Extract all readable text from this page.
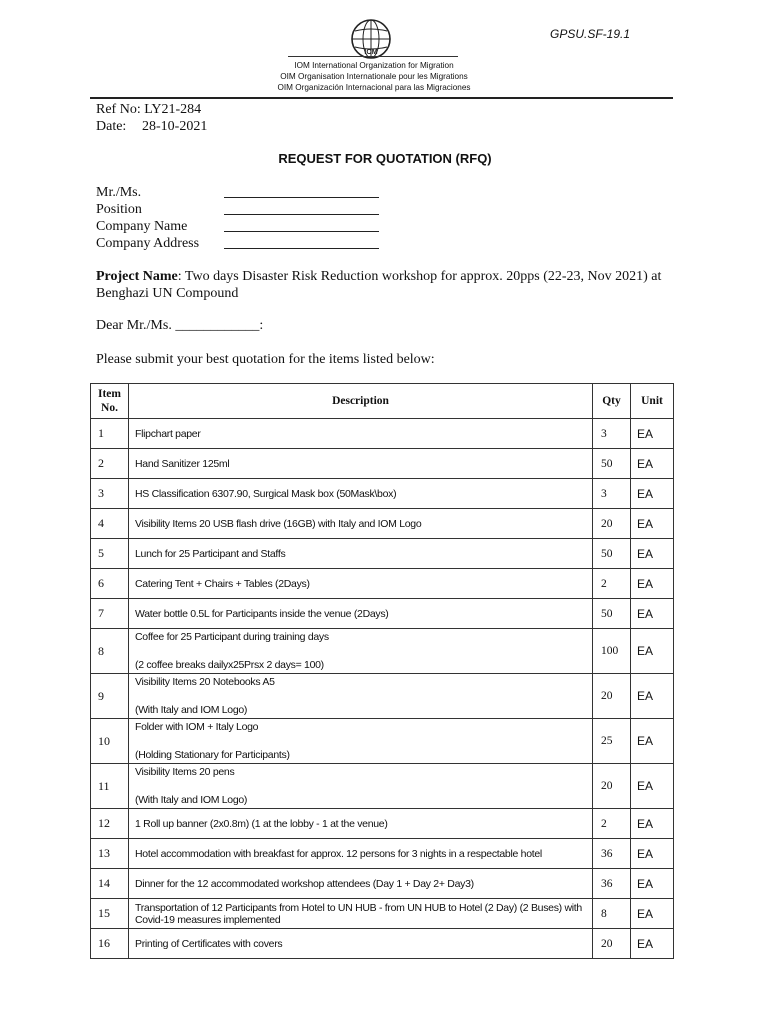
GPSU.SF-19.1
IOM
IOM International Organization for Migration
OIM Organisation Internationale pour les Migrations
OIM Organización Internacional para las Migraciones
Ref No: LY21-284
Date: 28-10-2021
REQUEST FOR QUOTATION (RFQ)
Mr./Ms.
Position
Company Name
Company Address
Project Name: Two days Disaster Risk Reduction workshop for approx. 20pps (22-23, Nov 2021) at Benghazi UN Compound
Dear Mr./Ms. ____________:
Please submit your best quotation for the items listed below:
Item No.	Description	Qty	Unit
1	Flipchart paper	3	EA
2	Hand Sanitizer 125ml	50	EA
3	HS Classification 6307.90, Surgical Mask box (50Mask\box)	3	EA
4	Visibility Items 20 USB flash drive (16GB) with Italy and IOM Logo	20	EA
5	Lunch for 25 Participant and Staffs	50	EA
6	Catering Tent + Chairs + Tables (2Days)	2	EA
7	Water bottle 0.5L for Participants inside the venue (2Days)	50	EA
8	Coffee for 25 Participant during training days
(2 coffee breaks dailyx25Prsx 2 days= 100)	100	EA
9	Visibility Items 20 Notebooks A5
(With Italy and IOM Logo)	20	EA
10	Folder with IOM + Italy Logo
(Holding Stationary for Participants)	25	EA
11	Visibility Items 20 pens
(With Italy and IOM Logo)	20	EA
12	1 Roll up banner (2x0.8m) (1 at the lobby - 1 at the venue)	2	EA
13	Hotel accommodation with breakfast for approx. 12 persons for 3 nights in a respectable hotel	36	EA
14	Dinner for the 12 accommodated workshop attendees (Day 1 + Day 2+ Day3)	36	EA
15	Transportation of 12 Participants from Hotel to UN HUB - from UN HUB to Hotel (2 Day) (2 Buses) with Covid-19 measures implemented	8	EA
16	Printing of Certificates with covers	20	EA
